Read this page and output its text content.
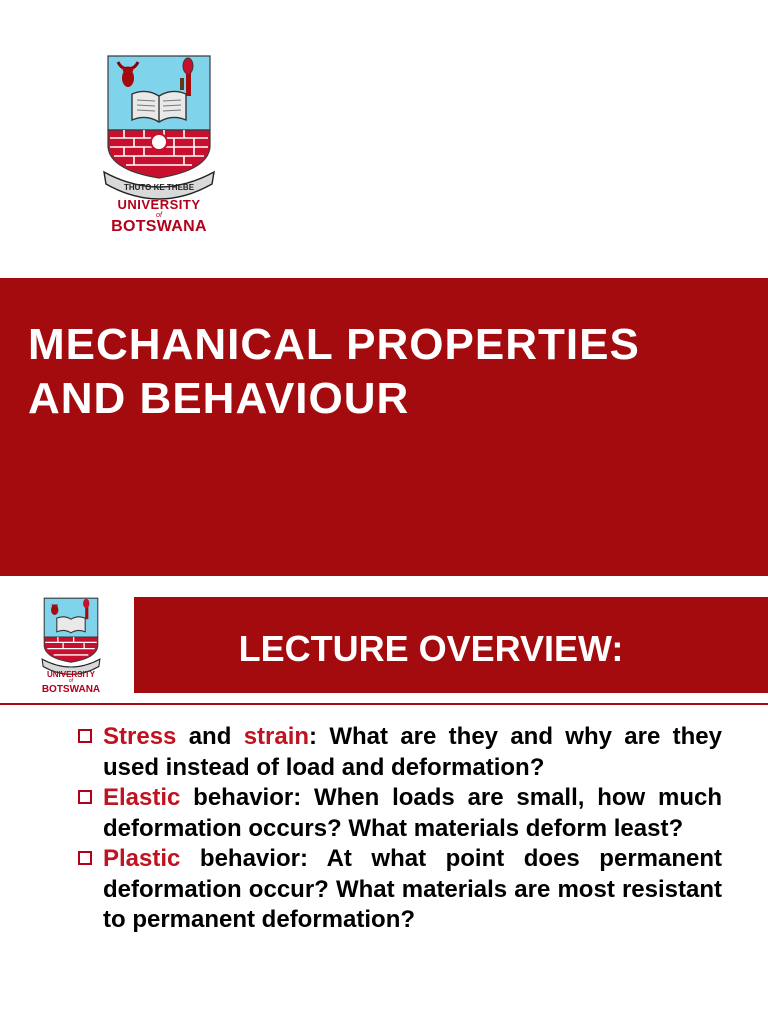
THUTO KE THEBE
UNIVERSITY
of
BOTSWANA
MECHANICAL PROPERTIES
AND BEHAVIOUR
UNIVERSITY
of
BOTSWANA
LECTURE OVERVIEW:
Stress and strain: What are they and why are they used instead of load and deformation?
Elastic behavior: When loads are small, how much deformation occurs? What materials deform least?
Plastic behavior: At what point does permanent deformation occur? What materials are most resistant to permanent deformation?
